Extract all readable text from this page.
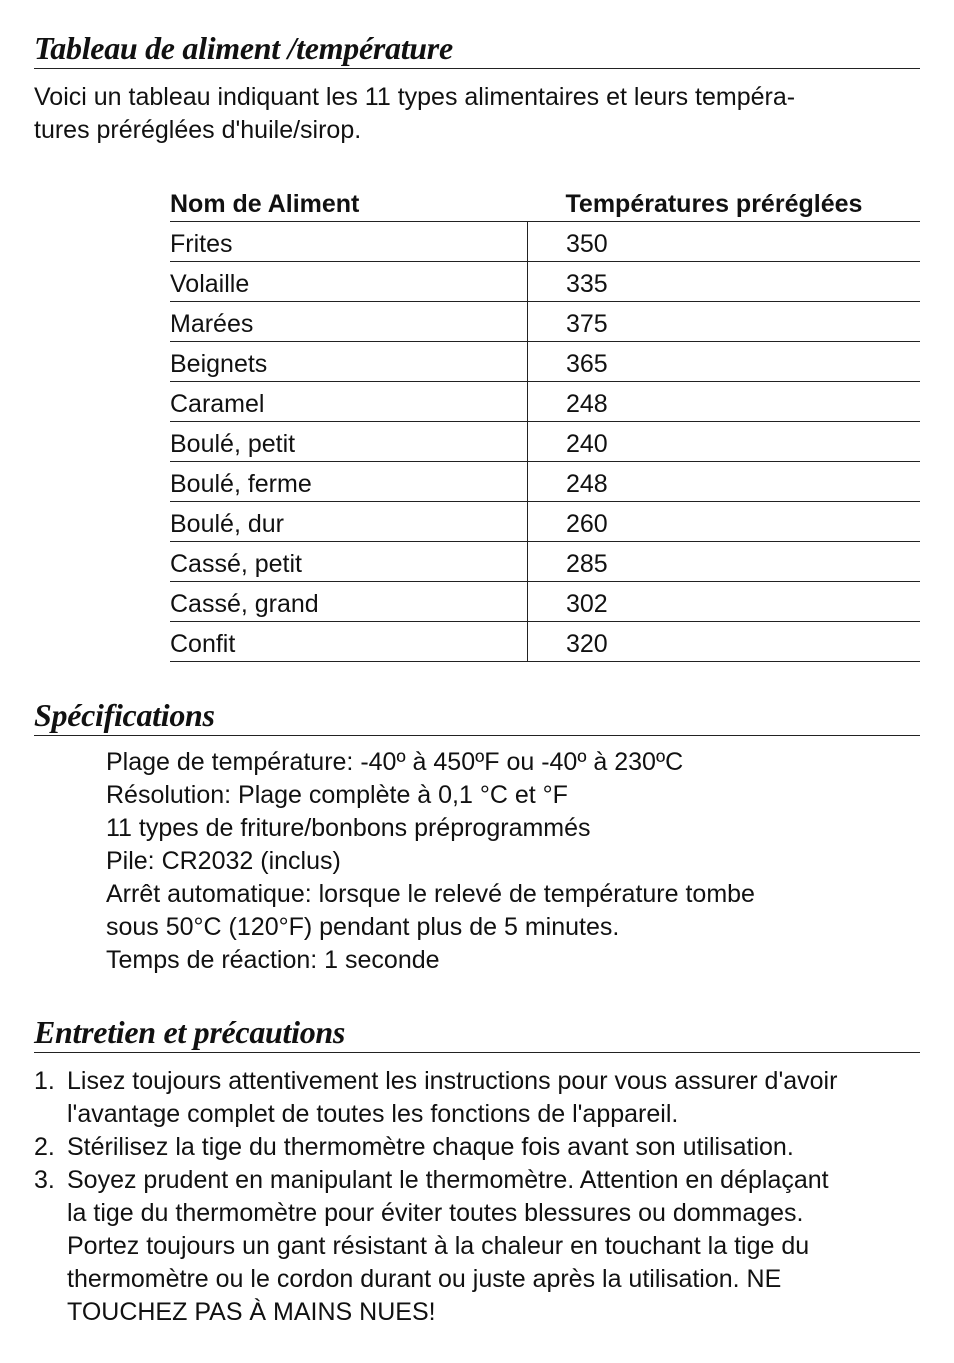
Tableau de aliment /température

Voici un tableau indiquant les 11 types alimentaires et leurs tempéra-
tures préréglées d'huile/sirop.

Nom de Aliment	Températures préréglées
Frites	350
Volaille	335
Marées	375
Beignets	365
Caramel	248
Boulé, petit	240
Boulé, ferme	248
Boulé, dur	260
Cassé, petit	285
Cassé, grand	302
Confit	320
Spécifications
Plage de température: -40º à 450ºF ou -40º à 230ºC
Résolution: Plage complète à 0,1 °C et °F
11 types de friture/bonbons préprogrammés
Pile: CR2032 (inclus)
Arrêt automatique: lorsque le relevé de température tombe
sous 50°C (120°F) pendant plus de 5 minutes.
Temps de réaction: 1 seconde
Entretien et précautions
1. Lisez toujours attentivement les instructions pour vous assurer d'avoir
l'avantage complet de toutes les fonctions de l'appareil.
2. Stérilisez la tige du thermomètre chaque fois avant son utilisation.
3. Soyez prudent en manipulant le thermomètre. Attention en déplaçant
la tige du thermomètre pour éviter toutes blessures ou dommages.
Portez toujours un gant résistant à la chaleur en touchant la tige du
thermomètre ou le cordon durant ou juste après la utilisation. NE
TOUCHEZ PAS À MAINS NUES!
